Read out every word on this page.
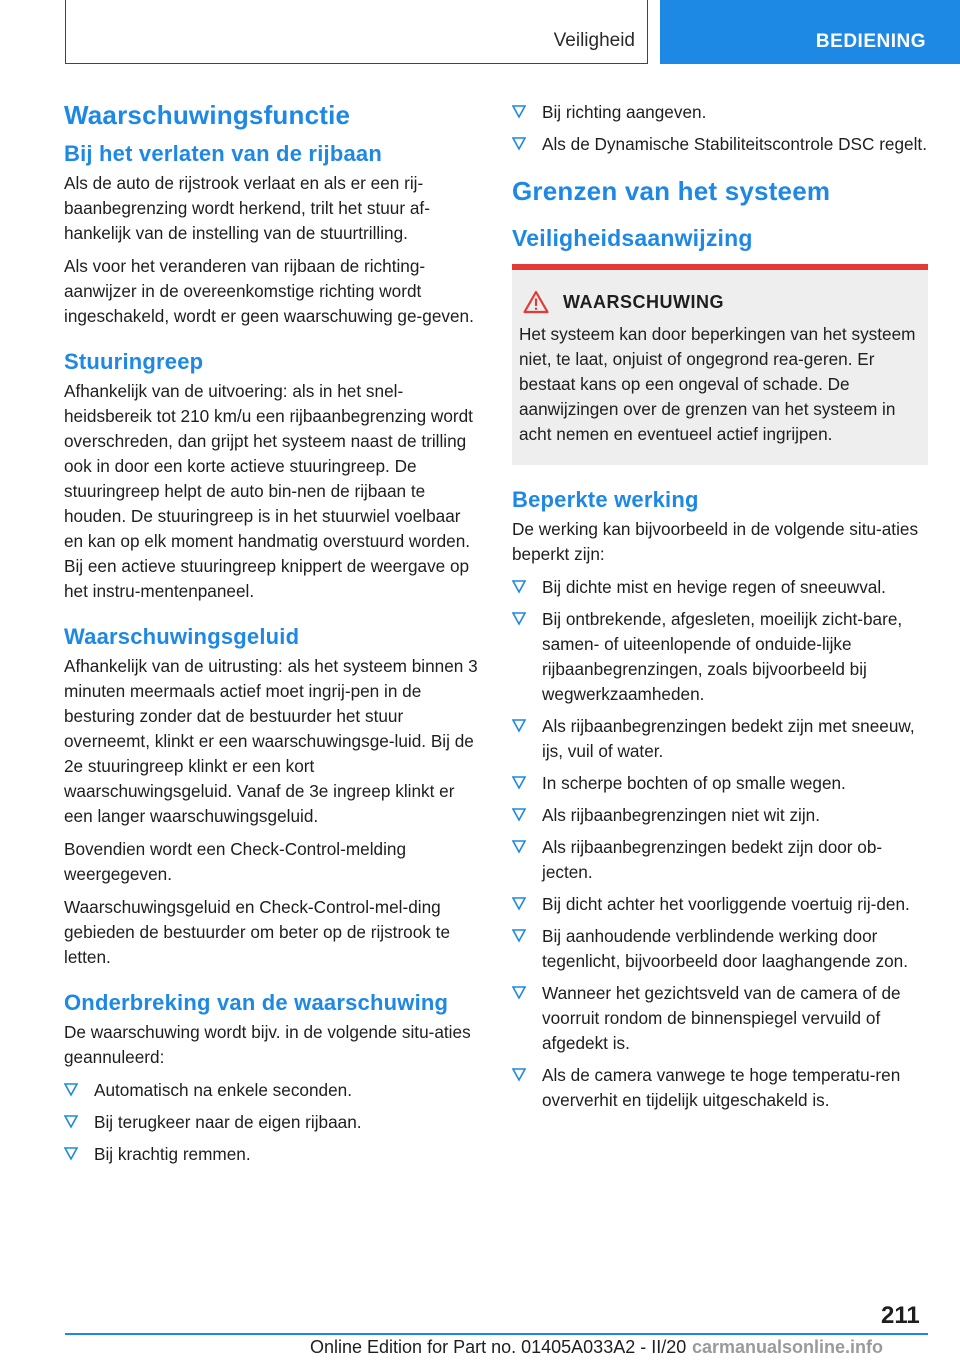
Veiligheid	BEDIENING
Waarschuwingsfunctie
Bij het verlaten van de rijbaan
Als de auto de rijstrook verlaat en als er een rij-baanbegrenzing wordt herkend, trilt het stuur af-hankelijk van de instelling van de stuurtrilling.
Als voor het veranderen van rijbaan de richting-aanwijzer in de overeenkomstige richting wordt ingeschakeld, wordt er geen waarschuwing ge-geven.
Stuuringreep
Afhankelijk van de uitvoering: als in het snel-heidsbereik tot 210 km/u een rijbaanbegrenzing wordt overschreden, dan grijpt het systeem naast de trilling ook in door een korte actieve stuuringreep. De stuuringreep helpt de auto bin-nen de rijbaan te houden. De stuuringreep is in het stuurwiel voelbaar en kan op elk moment handmatig overstuurd worden. Bij een actieve stuuringreep knippert de weergave op het instru-mentenpaneel.
Waarschuwingsgeluid
Afhankelijk van de uitrusting: als het systeem binnen 3 minuten meermaals actief moet ingrij-pen in de besturing zonder dat de bestuurder het stuur overneemt, klinkt er een waarschuwingsge-luid. Bij de 2e stuuringreep klinkt er een kort waarschuwingsgeluid. Vanaf de 3e ingreep klinkt er een langer waarschuwingsgeluid.
Bovendien wordt een Check-Control-melding weergegeven.
Waarschuwingsgeluid en Check-Control-mel-ding gebieden de bestuurder om beter op de rijstrook te letten.
Onderbreking van de waarschuwing
De waarschuwing wordt bijv. in de volgende situ-aties geannuleerd:
Automatisch na enkele seconden.
Bij terugkeer naar de eigen rijbaan.
Bij krachtig remmen.
Bij richting aangeven.
Als de Dynamische Stabiliteitscontrole DSC regelt.
Grenzen van het systeem
Veiligheidsaanwijzing
WAARSCHUWING
Het systeem kan door beperkingen van het systeem niet, te laat, onjuist of ongegrond rea-geren. Er bestaat kans op een ongeval of schade. De aanwijzingen over de grenzen van het systeem in acht nemen en eventueel actief ingrijpen.
Beperkte werking
De werking kan bijvoorbeeld in de volgende situ-aties beperkt zijn:
Bij dichte mist en hevige regen of sneeuwval.
Bij ontbrekende, afgesleten, moeilijk zicht-bare, samen- of uiteenlopende of onduide-lijke rijbaanbegrenzingen, zoals bijvoorbeeld bij wegwerkzaamheden.
Als rijbaanbegrenzingen bedekt zijn met sneeuw, ijs, vuil of water.
In scherpe bochten of op smalle wegen.
Als rijbaanbegrenzingen niet wit zijn.
Als rijbaanbegrenzingen bedekt zijn door ob-jecten.
Bij dicht achter het voorliggende voertuig rij-den.
Bij aanhoudende verblindende werking door tegenlicht, bijvoorbeeld door laaghangende zon.
Wanneer het gezichtsveld van de camera of de voorruit rondom de binnenspiegel vervuild of afgedekt is.
Als de camera vanwege te hoge temperatu-ren oververhit en tijdelijk uitgeschakeld is.
211
Online Edition for Part no. 01405A033A2 - II/20 carmanualsonline.info
